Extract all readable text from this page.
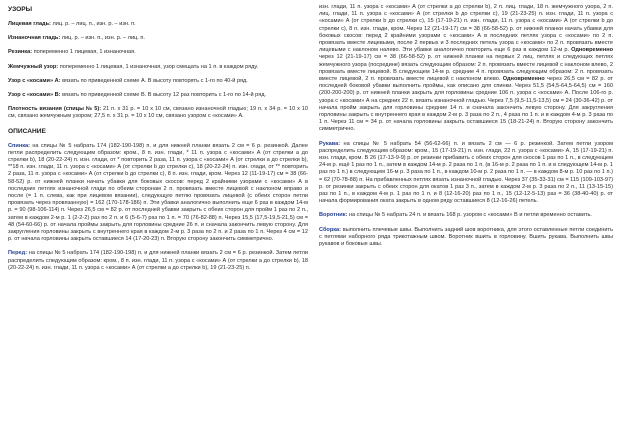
УЗОРЫ

Лицевая гладь: лиц. р. – лиц. п., изн. р. – изн. п.

Изнаночная гладь: лиц. р. – изн. п., изн. р. – лиц. п.

Резинка: попеременно 1 лицевая, 1 изнаночная.

Жемчужный узор: попеременно 1 лицевая, 1 изнаночная, узор смещать на 1 п. в каждом ряду.

Узор с «косами» А: вязать по приведенной схеме А. В высоту повторять с 1-го по 40-й ряд.

Узор с «косами» В: вязать по приведенной схеме В. В высоту 12 раз повторить с 1-го по 14-й ряд.

Плотность вязания (спицы № 5): 21 п. х 31 р. = 10 х 10 см, связано изнаночной гладью; 19 п. х 34 р. = 10 х 10 см, связано жемчужным узором; 27,5 п. х 31 р. = 10 х 10 см, связано узором с «косами» А.

ОПИСАНИЕ

Спинка: на спицы № 5 набрать 174 (182-190-198) п. и для нижней планки вязать 2 см = 6 р. резинкой. Далее петли распределить следующим образом: кром., 8 п. изн. глади, * 11 п. узора с «косами» А (от стрелки a до стрелки b), 18 (20-22-24) п. изн. глади, от * повторить 2 раза, 11 п. узора с «косами» А (от стрелки a до стрелки b), **18 п. изн. глади, 11 п. узора с «косами» А (от стрелки b до стрелки c), 18 (20-22-24) п. изн. глади, от ** повторить 2 раза, 11 п. узора с «косами» А (от стрелки b до стрелки c), 8 п. изн. глади, кром. Через 12 (11-19-17) см = 38 (66-58-52) р. от нижней планки начать убавки для боковых скосов: перед 2 крайними узорами с «косами» А в последних петлях изнаночной глади по обеим сторонам 2 п. провязать вместе лицевой с наклоном вправо и после (= 1 п. слева, как при лицевом вязании), следующую петлю провязать лицевой (с обеих сторон петли провязать через провязанную) = 162 (170-178-186) п. Эти убавки аналогично выполнить еще 6 раз в каждом 14-м р. = 90 (98-106-114) п. Через 26,5 см = 82 р. от последней убавки закрыть с обеих сторон для пройм 1 раз по 2 п., затем в каждом 2-м р. 1 (2-2-2) раз по 2 п. и 6 (5-6-7) раз по 1 п. = 70 (76-82-88) п. Через 15,5 (17,5-19,5-21,5) см = 48 (54-60-66) р. от начала проймы закрыть для горловины средние 26 п. и сначала закончить левую сторону. Для закругления горловины закрыть с внутреннего края в каждом 2-м р. 3 раза по 2 п. и 2 раза по 1 п. Через 4 см = 12 р. от начала горловины закрыть оставшиеся 14 (17-20-23) п. Вторую сторону закончить симметрично.

Перед: на спицы № 5 набрать 174 (182-190-198) п. и для нижней планки вязать 2 см = 6 р. резинкой. Затем петли распределить следующим образом: кром., 8 п. изн. глади, 11 п. узора с «косами» А (от стрелки a до стрелки b), 18 (20-22-24) п. изн. глади, 11 п. узора с «косами» А (от стрелки a до стрелки b), 19 (21-23-25) п.

изн. глади, 11 п. узора с «косами» А (от стрелки a до стрелки b), 2 п. лиц. глади, 18 п. жемчужного узора, 2 п. лиц. глади, 11 п. узора с «косами» А (от стрелки b до стрелки c), 19 (21-23-25) п. изн. глади, 11 п. узора с «косами» А (от стрелки b до стрелки c), 15 (17-19-21) п. изн. глади, 11 п. узора с «косами» А (от стрелки b до стрелки c), 8 п. изн. глади, кром. Через 12 (21-19-17) см = 38 (66-58-52) р. от нижней планки начать убавки для боковых скосов: перед 2 крайними узорами с «косами» А в последних петлях узора с «косами» по 2 п. провязать вместе лицевыми, после 2 первых и 3 последних петель узора с «косами» по 2 п. провязать вместе лицевыми с наклоном налево. Эти убавки аналогично повторить еще 6 раз в каждом 12-м р. Одновременно через 12 (21-19-17) см = 38 (66-58-52) р. от нижней планки на первых 2 лиц. петлях и следующих петлях жемчужного узора (посредине) вязать следующим образом: 2 п. провязать вместе лицевой с наклоном влево, 2 провязать вместе лицевой. В следующем 14-м р. средние 4 п. провязать следующим образом: 2 п. провязать вместе лицевой, 2 п. провязать вместе лицевой с наклоном влево. Одновременно через 26,5 см = 82 р. от последней боковой убавки выполнить проймы, как описано для спинки. Через 51,5 (54,5-64,5-64,5) см = 160 (200-200-200) р. от нижней планки закрыть для горловины средние 106 п. узора с «косами» А. После 106-го р. узора с «косами» А на средних 22 п. вязать изнаночной гладью. Через 7,5 (9,5-11,5-13,5) см = 24 (30-36-42) р. от начала пройм закрыть для горловины средние 14 п. и сначала закончить левую сторону. Для закругления горловины закрыть с внутреннего края в каждом 2-м р. 3 раза по 2 п., 4 раза по 1 п. и в каждом 4-м р. 3 раза по 1 п. Через 11 см = 34 р. от начала горловины закрыть оставшиеся 15 (18-21-24) п. Вторую сторону закончить симметрично.

Рукава: на спицы № 5 набрать 54 (56-62-66) п. и вязать 2 см — 6 р. резинкой. Затем петли узором распределить следующим образом: кром., 15 (17-19-21) п. изн. глади, 22 п. узора с «косами» А, 15 (17-19-21) п. изн. глади, кром. В 26 (17-13-9-9) р. от резинки прибавить с обеих сторон для скосов 1 раз по 1 п., в следующем 24-м р. ещё 1 раз по 1 п., затем в каждом 14-м р. 2 раза по 1 п. (в 16-м р. 2 раза по 1 п. и в следующем 14-м р. 1 раз по 1 п.) в следующем 16-м р. 3 раза по 1 п., в каждом 10-м р. 2 раза по 1 п. — в каждом 8-м р. 10 раз по 1 п.) = 62 (70-78-88) п. На прибавленных петлях вязать изнаночной гладью. Через 37 (35-33-31) см = 115 (109-103-97) р. от резинки закрыть с обеих сторон для окатов 1 раз 3 п., затем в каждом 2-м р. 3 раза по 2 п., 11 (13-15-15) раз по 1 п., в каждом 4-м р. 1 раз по 1 п. и 8 (12-16-20) раз по 1 п., 15 (12-12-5-13) раз = 36 (38-40-40) р. от начала формирования оката закрыть в одном ряду оставшиеся 8 (12-16-26) петель.

Воротник: на спицы № 5 набрать 24 п. и вязать 168 р. узором с «косами» В и петли временно оставить.

Сборка: выполнить плечевые швы. Выполнить задний шов воротника, для этого оставленные петли соединить с петлями наборного ряда трикотажным швом. Воротник вшить в горловину. Вшить рукава. Выполнить швы рукавов и боковые швы.
